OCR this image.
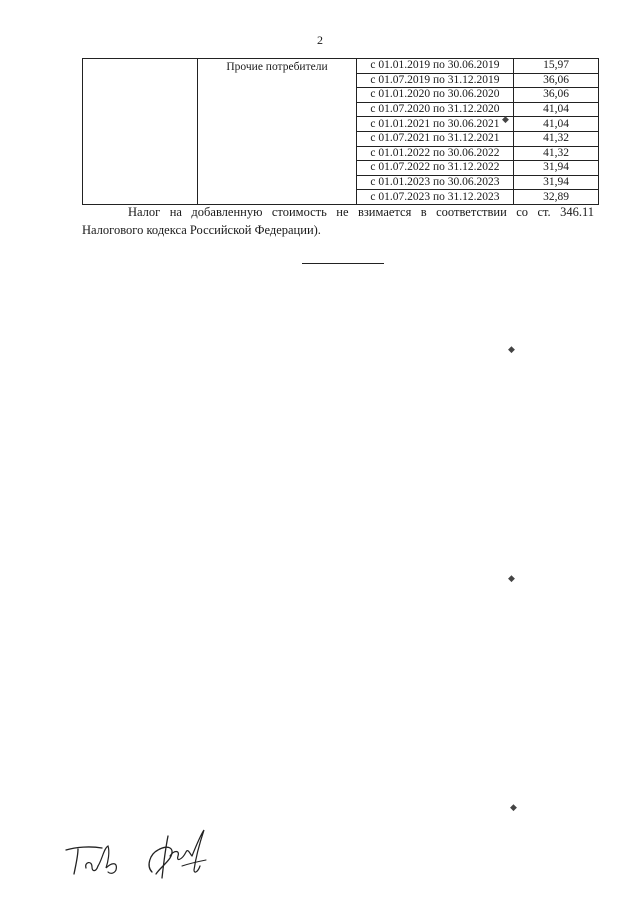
2
	Прочие потребители	с 01.01.2019 по 30.06.2019	15,97
		с 01.07.2019 по 31.12.2019	36,06
		с 01.01.2020 по 30.06.2020	36,06
		с 01.07.2020 по 31.12.2020	41,04
		с 01.01.2021 по 30.06.2021	41,04
		с 01.07.2021 по 31.12.2021	41,32
		с 01.01.2022 по 30.06.2022	41,32
		с 01.07.2022 по 31.12.2022	31,94
		с 01.01.2023 по 30.06.2023	31,94
		с 01.07.2023 по 31.12.2023	32,89

Налог на добавленную стоимость не взимается в соответствии со ст. 346.11 Налогового кодекса Российской Федерации).

◆
◆
◆
◆
